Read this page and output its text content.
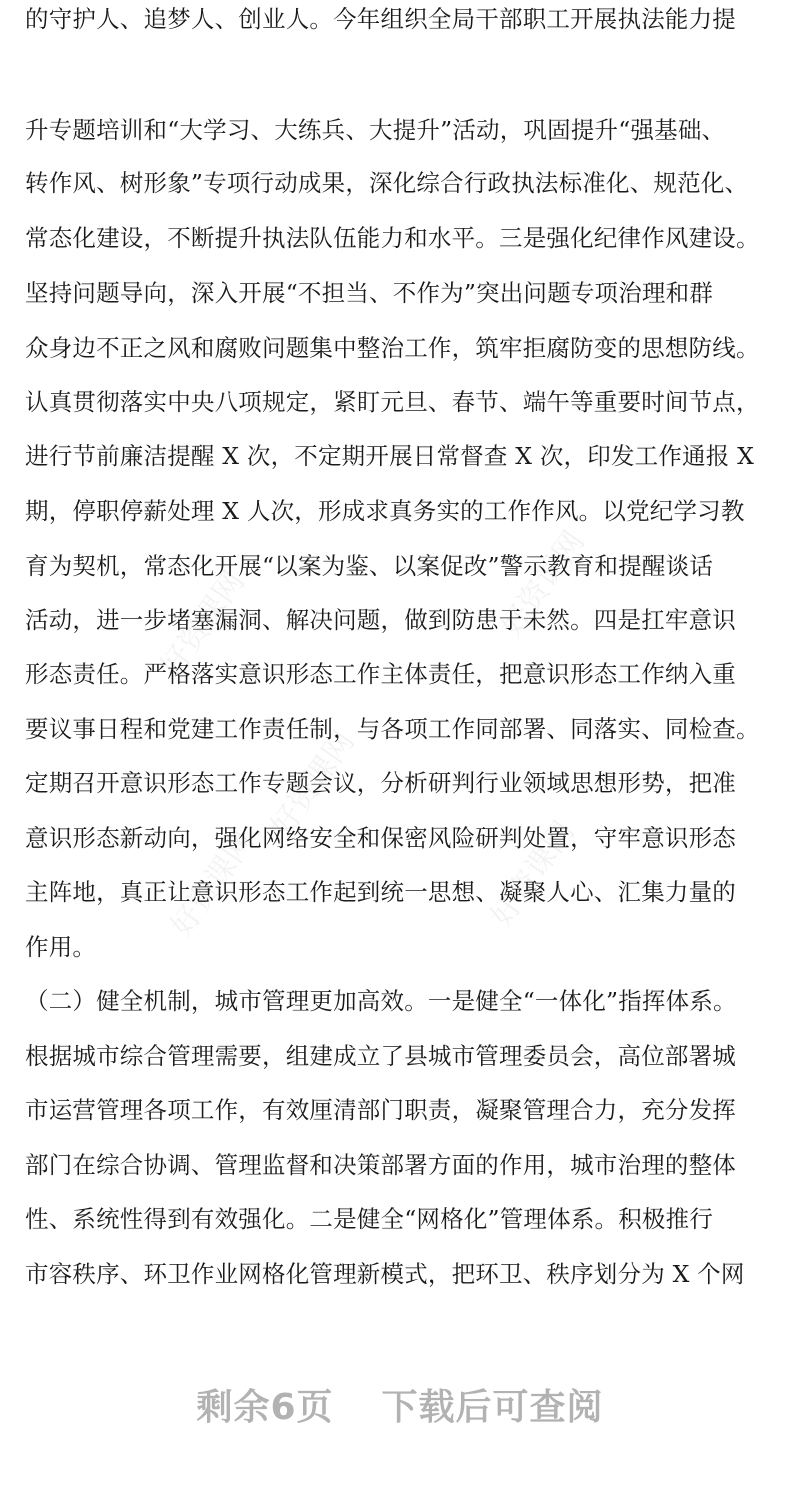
的守护人、追梦人、创业人。今年组织全局干部职工开展执法能力提
升专题培训和“大学习、大练兵、大提升”活动，巩固提升“强基础、
转作风、树形象”专项行动成果，深化综合行政执法标准化、规范化、
常态化建设，不断提升执法队伍能力和水平。三是强化纪律作风建设。
坚持问题导向，深入开展“不担当、不作为”突出问题专项治理和群
众身边不正之风和腐败问题集中整治工作，筑牢拒腐防变的思想防线。
认真贯彻落实中央八项规定，紧盯元旦、春节、端午等重要时间节点，
进行节前廉洁提醒 X 次，不定期开展日常督查 X 次，印发工作通报 X
期，停职停薪处理 X 人次，形成求真务实的工作作风。以党纪学习教
育为契机，常态化开展“以案为鉴、以案促改”警示教育和提醒谈话
活动，进一步堵塞漏洞、解决问题，做到防患于未然。四是扛牢意识
形态责任。严格落实意识形态工作主体责任，把意识形态工作纳入重
要议事日程和党建工作责任制，与各项工作同部署、同落实、同检查。
定期召开意识形态工作专题会议，分析研判行业领域思想形势，把准
意识形态新动向，强化网络安全和保密风险研判处置，守牢意识形态
主阵地，真正让意识形态工作起到统一思想、凝聚人心、汇集力量的
作用。
（二）健全机制，城市管理更加高效。一是健全“一体化”指挥体系。
根据城市综合管理需要，组建成立了县城市管理委员会，高位部署城
市运营管理各项工作，有效厘清部门职责，凝聚管理合力，充分发挥
部门在综合协调、管理监督和决策部署方面的作用，城市治理的整体
性、系统性得到有效强化。二是健全“网格化”管理体系。积极推行
市容秩序、环卫作业网格化管理新模式，把环卫、秩序划分为 X 个网
好资课网	好资课网
好资课网
好资课网
好资课网
剩余6页 下载后可查阅
